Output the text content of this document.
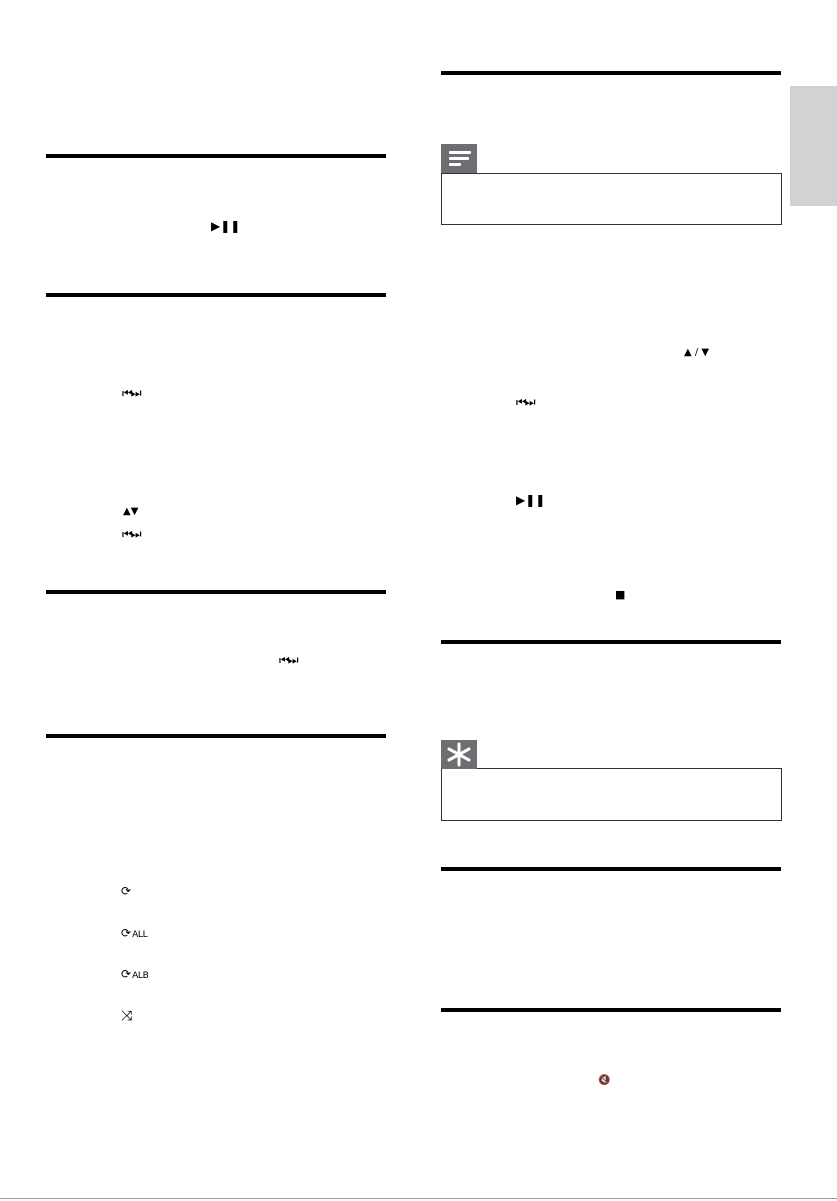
▶❚❚
⏮⏭
▲▼
⏮⏭
⏮⏭
⟳
⟳ALL
⟳ALB
⤨
▲ / ▼
⏮⏭
▶❚❚
■
🔇
